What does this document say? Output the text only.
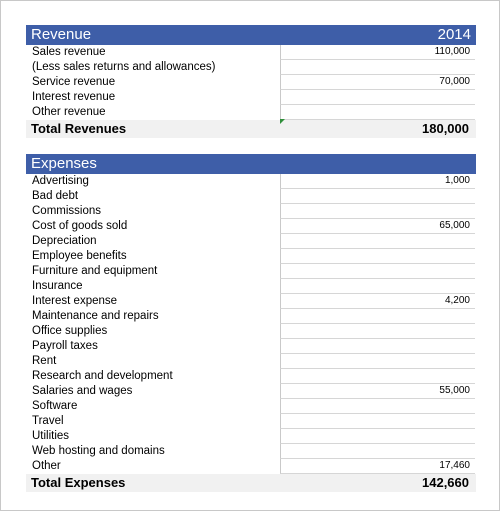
Revenue	2014
Sales revenue	110,000
(Less sales returns and allowances)
Service revenue	70,000
Interest revenue
Other revenue
Total Revenues	180,000
Expenses
Advertising	1,000
Bad debt
Commissions
Cost of goods sold	65,000
Depreciation
Employee benefits
Furniture and equipment
Insurance
Interest expense	4,200
Maintenance and repairs
Office supplies
Payroll taxes
Rent
Research and development
Salaries and wages	55,000
Software
Travel
Utilities
Web hosting and domains
Other	17,460
Total Expenses	142,660
